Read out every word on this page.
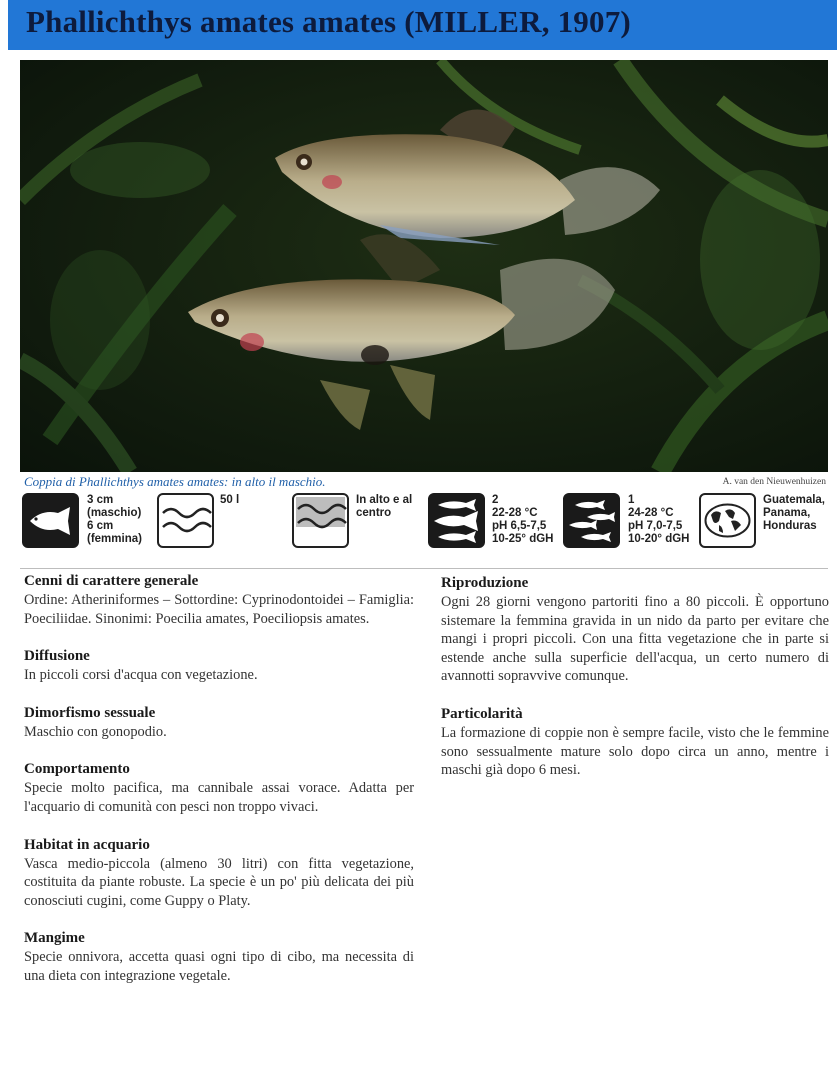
Phallichthys amates amates (MILLER, 1907)
Coppia di Phallichthys amates amates: in alto il maschio.	A. van den Nieuwenhuizen
3 cm
(maschio)
6 cm
(femmina)
50 l	In alto e al
centro
2
22-28 °C
pH 6,5-7,5
10-25° dGH
1
24-28 °C
pH 7,0-7,5
10-20° dGH
Guatemala,
Panama,
Honduras
Cenni di carattere generale

Ordine: Atheriniformes – Sottordine: Cyprinodontoidei – Famiglia: Poeciliidae. Sinonimi: Poecilia amates, Poeciliopsis amates.

Diffusione

In piccoli corsi d'acqua con vegetazione.

Dimorfismo sessuale

Maschio con gonopodio.

Comportamento

Specie molto pacifica, ma cannibale assai vorace. Adatta per l'acquario di comunità con pesci non troppo vivaci.

Habitat in acquario

Vasca medio-piccola (almeno 30 litri) con fitta vegetazione, costituita da piante robuste. La specie è un po' più delicata dei più conosciuti cugini, come Guppy o Platy.

Mangime

Specie onnivora, accetta quasi ogni tipo di cibo, ma necessita di una dieta con integrazione vegetale.

Riproduzione

Ogni 28 giorni vengono partoriti fino a 80 piccoli. È opportuno sistemare la femmina gravida in un nido da parto per evitare che mangi i propri piccoli. Con una fitta vegetazione che in parte si estende anche sulla superficie dell'acqua, un certo numero di avannotti sopravvive comunque.

Particolarità

La formazione di coppie non è sempre facile, visto che le femmine sono sessualmente mature solo dopo circa un anno, mentre i maschi già dopo 6 mesi.
